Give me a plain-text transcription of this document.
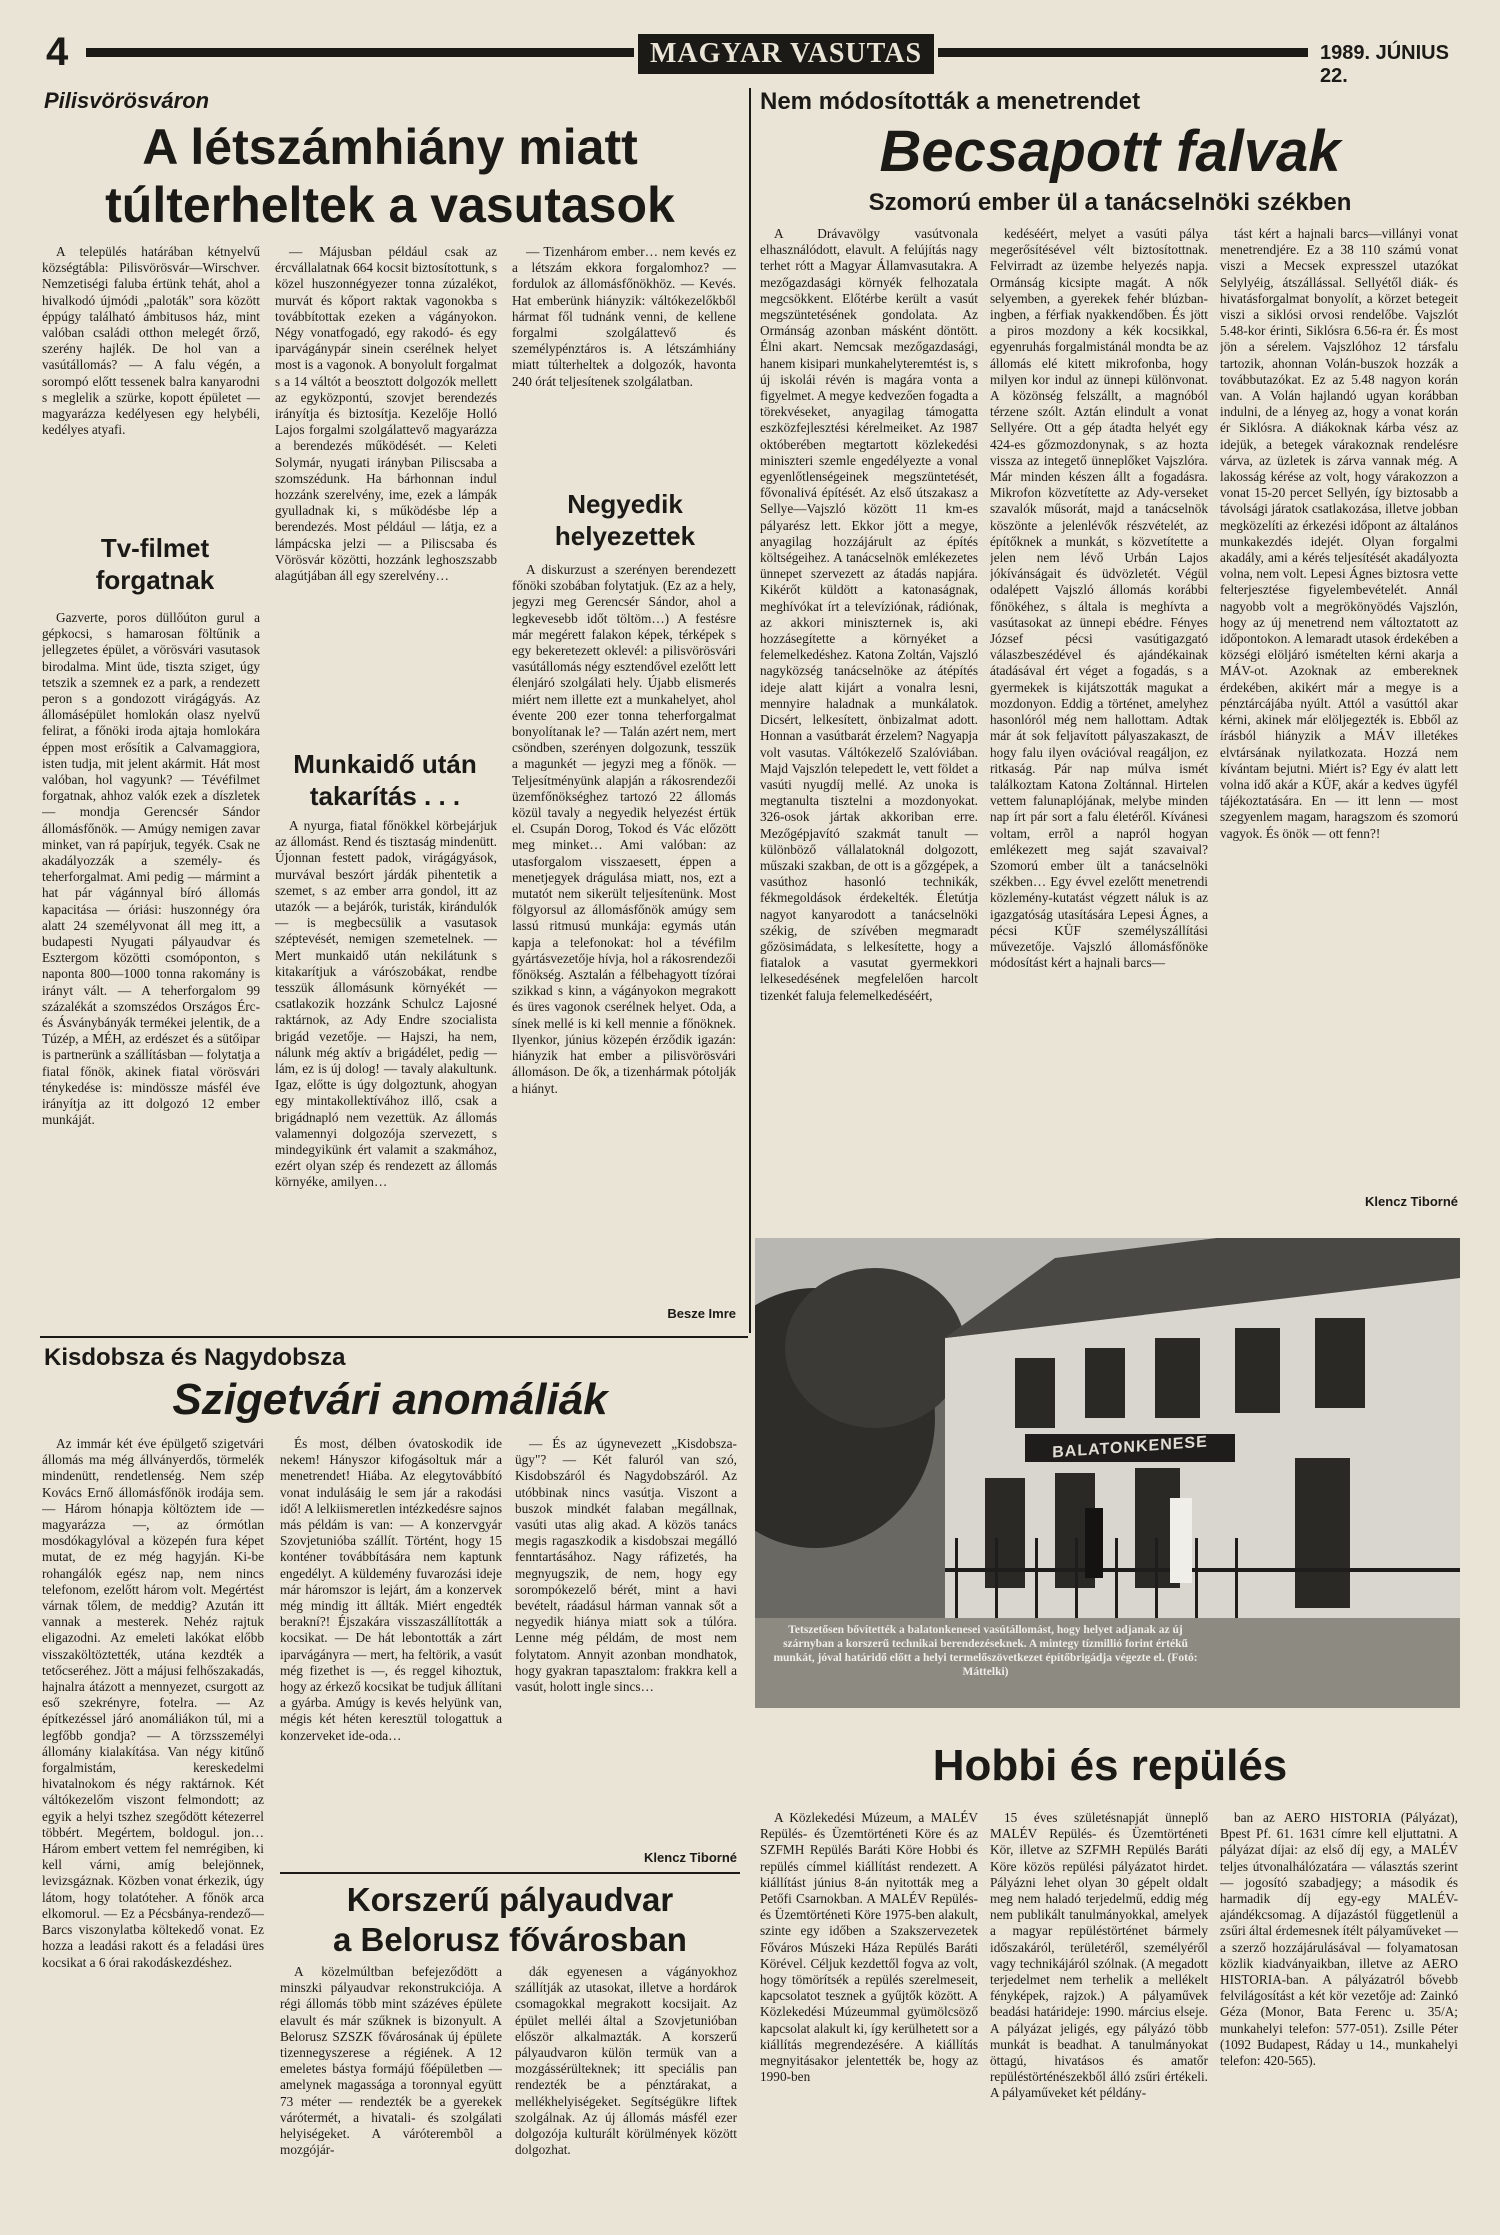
4	MAGYAR VASUTAS	1989. JÚNIUS 22.
Pilisvörösváron
A létszámhiány miatt
túlterheltek a vasutasok

A település határában kétnyelvű községtábla: Pilisvörösvár—Wirschver. Nemzetiségi faluba értünk tehát, ahol a hivalkodó újmódi „paloták" sora között éppúgy található ámbitusos ház, mint valóban családi otthon melegét őrző, szerény hajlék. De hol van a vasútállomás? — A falu végén, a sorompó előtt tessenek balra kanyarodni s meglelik a szürke, kopott épületet — magyarázza kedélyesen egy helybéli, kedélyes atyafi.

Tv-filmet forgatnak

Gazverte, poros düllőúton gurul a gépkocsi, s hamarosan föltűnik a jellegzetes épület, a vörösvári vasutasok birodalma. Mint üde, tiszta sziget, úgy tetszik a szemnek ez a park, a rendezett peron s a gondozott virágágyás. Az állomásépület homlokán olasz nyelvű felirat, a főnöki iroda ajtaja homlokára éppen most erősítik a Calvamaggiora, isten tudja, mit jelent akármit. Hát most valóban, hol vagyunk? — Tévéfilmet forgatnak, ahhoz valók ezek a díszletek — mondja Gerencsér Sándor állomásfőnök. — Amúgy nemigen zavar minket, van rá papírjuk, tegyék. Csak ne akadályozzák a személy- és teherforgalmat. Ami pedig — mármint a hat pár vágánnyal bíró állomás kapacitása — óriási: huszonnégy óra alatt 24 személyvonat áll meg itt, a budapesti Nyugati pályaudvar és Esztergom közötti csomóponton, s naponta 800—1000 tonna rakomány is irányt vált. — A teherforgalom 99 százalékát a szomszédos Országos Érc- és Ásványbányák termékei jelentik, de a Túzép, a MÉH, az erdészet és a sütőipar is partnerünk a szállításban — folytatja a fiatal főnök, akinek fiatal vörösvári ténykedése is: mindössze másfél éve irányítja az itt dolgozó 12 ember munkáját.

— Májusban például csak az ércvállalatnak 664 kocsit biztosítottunk, s közel huszonnégyezer tonna zúzalékot, murvát és kőport raktak vagonokba s továbbítottak ezeken a vágányokon. Négy vonatfogadó, egy rakodó- és egy iparvágánypár sinein cserélnek helyet most is a vagonok. A bonyolult forgalmat s a 14 váltót a beosztott dolgozók mellett az egyközpontú, szovjet berendezés irányítja és biztosítja. Kezelője Holló Lajos forgalmi szolgálattevő magyarázza a berendezés működését. — Keleti Solymár, nyugati irányban Piliscsaba a szomszédunk. Ha bárhonnan indul hozzánk szerelvény, ime, ezek a lámpák gyulladnak ki, s működésbe lép a berendezés. Most például — látja, ez a lámpácska jelzi — a Piliscsaba és Vörösvár közötti, hozzánk leghoszszabb alagútjában áll egy szerelvény…

Munkaidő után takarítás . . .

A nyurga, fiatal főnökkel körbejárjuk az állomást. Rend és tisztaság mindenütt. Újonnan festett padok, virágágyások, murvával beszórt járdák pihentetik a szemet, s az ember arra gondol, itt az utazók — a bejárók, turisták, kirándulók — is megbecsülik a vasutasok széptevését, nemigen szemetelnek. — Mert munkaidő után nekilátunk s kitakarítjuk a várószobákat, rendbe tesszük állomásunk környékét — csatlakozik hozzánk Schulcz Lajosné raktárnok, az Ady Endre szocialista brigád vezetője. — Hajszi, ha nem, nálunk még aktív a brigádélet, pedig — lám, ez is új dolog! — tavaly alakultunk. Igaz, előtte is úgy dolgoztunk, ahogyan egy mintakollektívához illő, csak a brigádnapló nem vezettük. Az állomás valamennyi dolgozója szervezett, s mindegyikünk ért valamit a szakmához, ezért olyan szép és rendezett az állomás környéke, amilyen…

— Tizenhárom ember… nem kevés ez a létszám ekkora forgalomhoz? — fordulok az állomásfőnökhöz. — Kevés. Hat emberünk hiányzik: váltókezelőkből hármat fől tudnánk venni, de kellene forgalmi szolgálattevő és személypénztáros is. A létszámhiány miatt túlterheltek a dolgozók, havonta 240 órát teljesítenek szolgálatban.

Negyedik helyezettek

A diskurzust a szerényen berendezett főnöki szobában folytatjuk. (Ez az a hely, jegyzi meg Gerencsér Sándor, ahol a legkevesebb időt töltöm…) A festésre már megérett falakon képek, térképek s egy bekeretezett oklevél: a pilisvörösvári vasútállomás négy esztendővel ezelőtt lett élenjáró szolgálati hely. Újabb elismerés miért nem illette ezt a munkahelyet, ahol évente 200 ezer tonna teherforgalmat bonyolítanak le? — Talán azért nem, mert csöndben, szerényen dolgozunk, tesszük a magunkét — jegyzi meg a főnök. — Teljesítményünk alapján a rákosrendezői üzemfőnökséghez tartozó 22 állomás közül tavaly a negyedik helyezést értük el. Csupán Dorog, Tokod és Vác előzött meg minket… Ami valóban: az utasforgalom visszaesett, éppen a menetjegyek drágulása miatt, nos, ezt a mutatót nem sikerült teljesítenünk. Most fölgyorsul az állomásfőnök amúgy sem lassú ritmusú munkája: egymás után kapja a telefonokat: hol a tévéfilm gyártásvezetője hívja, hol a rákosrendezői főnökség. Asztalán a félbehagyott tízórai szikkad s kinn, a vágányokon megrakott és üres vagonok cserélnek helyet. Oda, a sínek mellé is ki kell mennie a főnöknek. Ilyenkor, június közepén érződik igazán: hiányzik hat ember a pilisvörösvári állomáson. De ők, a tizenhármak pótolják a hiányt.

Besze Imre
Nem módosították a menetrendet
Becsapott falvak
Szomorú ember ül a tanácselnöki székben

A Drávavölgy vasútvonala elhasználódott, elavult. A felújítás nagy terhet rótt a Magyar Államvasutakra. A mezőgazdasági környék felhozatala megcsökkent. Előtérbe került a vasút megszüntetésének gondolata. Az Ormánság azonban másként döntött. Élni akart. Nemcsak mezőgazdasági, hanem kisipari munkahelyteremtést is, s új iskolái révén is magára vonta a figyelmet. A megye kedvezően fogadta a törekvéseket, anyagilag támogatta eszközfejlesztési kérelmeiket. Az 1987 októberében megtartott közlekedési miniszteri szemle engedélyezte a vonal egyenlőtlenségeinek megszüntetését, fővonalivá építését. Az első útszakasz a Sellye—Vajszló között 11 km-es pályarész lett. Ekkor jött a megye, anyagilag hozzájárult az építés költségeihez. A tanácselnök emlékezetes ünnepet szervezett az átadás napjára. Kikérőt küldött a katonaságnak, meghívókat írt a televíziónak, rádiónak, az akkori miniszternek is, aki hozzásegítette a környéket a felemelkedéshez. Katona Zoltán, Vajszló nagyközség tanácselnöke az átépítés ideje alatt kijárt a vonalra lesni, mennyire haladnak a munkálatok. Dicsért, lelkesített, önbizalmat adott. Honnan a vasútbarát érzelem? Nagyapja volt vasutas. Váltókezelő Szalóviában. Majd Vajszlón telepedett le, vett földet a vasúti nyugdíj mellé. Az unoka is megtanulta tisztelni a mozdonyokat. 326-osok jártak akkoriban erre. Mezőgépjavító szakmát tanult — különböző vállalatoknál dolgozott, műszaki szakban, de ott is a gőzgépek, a vasúthoz hasonló technikák, fékmegoldások érdekelték. Életútja nagyot kanyarodott a tanácselnöki székig, de szívében megmaradt gőzösimádata, s lelkesítette, hogy a fiatalok a vasutat gyermekkori lelkesedésének megfelelően harcolt tizenkét faluja felemelkedéséért,

kedéséért, melyet a vasúti pálya megerősítésével vélt biztosítottnak. Felvirradt az üzembe helyezés napja. Ormánság kicsipte magát. A nők selyemben, a gyerekek fehér blúzban-ingben, a férfiak nyakkendőben. És jött a piros mozdony a kék kocsikkal, egyenruhás forgalmistánál mondta be az állomás elé kitett mikrofonba, hogy milyen kor indul az ünnepi különvonat. A közönség felszállt, a magnóból térzene szólt. Aztán elindult a vonat Sellyére. Ott a gép átadta helyét egy 424-es gőzmozdonynak, s az hozta vissza az integető ünneplőket Vajszlóra. Már minden készen állt a fogadásra. Mikrofon közvetítette az Ady-verseket szavalók műsorát, majd a tanácselnök köszönte a jelenlévők részvételét, az építőknek a munkát, s közvetítette a jelen nem lévő Urbán Lajos jókívánságait és üdvözletét. Végül odalépett Vajszló állomás korábbi főnökéhez, s általa is meghívta a vasútasokat az ünnepi ebédre. Fényes József pécsi vasútigazgató válaszbeszédével és ajándékainak átadásával ért véget a fogadás, s a gyermekek is kijátszották magukat a mozdonyon. Eddig a történet, amelyhez hasonlóról még nem hallottam. Adtak már át sok feljavított pályaszakaszt, de hogy falu ilyen ovációval reagáljon, ez ritkaság. Pár nap múlva ismét találkoztam Katona Zoltánnal. Hirtelen vettem falunaplójának, melybe minden nap írt pár sort a falu életéről. Kívánesi voltam, errõl a napról hogyan emlékezett meg saját szavaival? Szomorú ember ült a tanácselnöki székben… Egy évvel ezelőtt menetrendi közlemény-kutatást végzett náluk is az igazgatóság utasítására Lepesi Ágnes, a pécsi KÜF személyszállítási művezetője. Vajszló állomásfőnöke módosítást kért a hajnali barcs—

tást kért a hajnali barcs—villányi vonat menetrendjére. Ez a 38 110 számú vonat viszi a Mecsek expresszel utazókat Selylyéig, átszállással. Sellyétől diák- és hivatásforgalmat bonyolít, a körzet betegeit viszi a siklósi orvosi rendelőbe. Vajszlót 5.48-kor érinti, Siklósra 6.56-ra ér. És most jön a sérelem. Vajszlóhoz 12 társfalu tartozik, ahonnan Volán-buszok hozzák a továbbutazókat. Ez az 5.48 nagyon korán van. A Volán hajlandó ugyan korábban indulni, de a lényeg az, hogy a vonat korán ér Siklósra. A diákoknak kárba vész az idejük, a betegek várakoznak rendelésre várva, az üzletek is zárva vannak még. A lakosság kérése az volt, hogy várakozzon a vonat 15-20 percet Sellyén, így biztosabb a távolsági járatok csatlakozása, illetve jobban megközelíti az érkezési időpont az általános munkakezdés idejét. Olyan forgalmi akadály, ami a kérés teljesítését akadályozta volna, nem volt. Lepesi Ágnes biztosra vette felterjesztése figyelembevételét. Annál nagyobb volt a megrökönyödés Vajszlón, hogy az új menetrend nem változtatott az időpontokon. A lemaradt utasok érdekében a községi elöljáró ismételten kérni akarja a MÁV-ot. Azoknak az embereknek érdekében, akikért már a megye is a pénztárcájába nyúlt. Attól a vasúttól akar kérni, akinek már elöljegezték is. Ebből az írásból hiányzik a MÁV illetékes elvtársának nyilatkozata. Hozzá nem kívántam bejutni. Miért is? Egy év alatt lett volna idő akár a KÜF, akár a kedves ügyfél tájékoztatására. En — itt lenn — most szegyenlem magam, haragszom és szomorú vagyok. És önök — ott fenn?!

Klencz Tiborné
BALATONKENESE
Tetszetősen bővítették a balatonkenesei vasútállomást, hogy helyet adjanak az új szárnyban a korszerű technikai berendezéseknek. A mintegy tízmillió forint értékű munkát, jóval határidő előtt a helyi termelőszövetkezet építőbrigádja végezte el. (Fotó: Máttelki)
Kisdobsza és Nagydobsza
Szigetvári anomáliák

Az immár két éve épülgető szigetvári állomás ma még állványerdős, törmelék mindenütt, rendetlenség. Nem szép Kovács Ernő állomásfőnök irodája sem. — Három hónapja költöztem ide — magyarázza —, az órmótlan mosdókagylóval a közepén fura képet mutat, de ez még hagyján. Ki-be rohangálók egész nap, nem nincs telefonom, ezelőtt három volt. Megértést várnak tőlem, de meddig? Azután itt vannak a mesterek. Nehéz rajtuk eligazodni. Az emeleti lakókat előbb visszaköltöztették, utána kezdték a tetőcseréhez. Jött a májusi felhőszakadás, hajnalra átázott a mennyezet, csurgott az eső szekrényre, fotelra. — Az építkezéssel járó anomáliákon túl, mi a legfőbb gondja? — A törzsszemélyi állomány kialakítása. Van négy kitűnő forgalmistám, kereskedelmi hivatalnokom és négy raktárnok. Két váltókezelőm viszont felmondott; az egyik a helyi tszhez szegődött kétezerrel többért. Megértem, boldogul. jon… Három embert vettem fel nemrégiben, ki kell várni, amíg belejönnek, levizsgáznak. Közben vonat érkezik, úgy látom, hogy tolatóteher. A főnök arca elkomorul. — Ez a Pécsbánya-rendező—Barcs viszonylatba költekedő vonat. Ez hozza a leadási rakott és a feladási üres kocsikat a 6 órai rakodáskezdéshez.

És most, délben óvatoskodik ide nekem! Hányszor kifogásoltuk már a menetrendet! Hiába. Az elegytovábbító vonat indulásáig le sem jár a rakodási idő! A lelkiismeretlen intézkedésre sajnos más példám is van: — A konzervgyár Szovjetunióba szállít. Történt, hogy 15 konténer továbbítására nem kaptunk engedélyt. A küldemény fuvarozási ideje már háromszor is lejárt, ám a konzervek még mindig itt állták. Miért engedték berakní?! Éjszakára visszaszállították a kocsikat. — De hát lebontották a zárt iparvágányra — mert, ha feltörik, a vasút még fizethet is —, és reggel kihoztuk, hogy az érkező kocsikat be tudjuk állítani a gyárba. Amúgy is kevés helyünk van, mégis két héten keresztül tologattuk a konzerveket ide-oda…

— És az úgynevezett „Kisdobsza-ügy"? — Két faluról van szó, Kisdobszáról és Nagydobszáról. Az utóbbinak nincs vasútja. Viszont a buszok mindkét falaban megállnak, vasúti utas alig akad. A közös tanács megis ragaszkodik a kisdobszai megálló fenntartásához. Nagy ráfizetés, ha megnyugszik, de nem, hogy egy sorompókezelő bérét, mint a havi bevételt, ráadásul hárman vannak sőt a negyedik hiánya miatt sok a túlóra. Lenne még példám, de most nem folytatom. Annyit azonban mondhatok, hogy gyakran tapasztalom: frakkra kell a vasút, holott ingle sincs…

Klencz Tiborné
Korszerű pályaudvar
a Belorusz fővárosban

A közelmúltban befejeződött a minszki pályaudvar rekonstrukciója. A régi állomás több mint százéves épülete elavult és már szűknek is bizonyult. A Belorusz SZSZK fővárosának új épülete tizennegyszerese a régiének. A 12 emeletes bástya formájú főépületben — amelynek magassága a toronnyal együtt 73 méter — rendezték be a gyerekek várótermét, a hivatali- és szolgálati helyiségeket. A váróterembõl a mozgójár-

dák egyenesen a vágányokhoz szállítják az utasokat, illetve a hordárok csomagokkal megrakott kocsijait. Az épület melléi által a Szovjetunióban először alkalmazták. A korszerű pályaudvaron külön termük van a mozgássérülteknek; itt speciális pan rendezték be a pénztárakat, a mellékhelyiségeket. Segítségükre liftek szolgálnak. Az új állomás másfél ezer dolgozója kulturált körülmények között dolgozhat.

Hobbi és repülés

A Közlekedési Múzeum, a MALÉV Repülés- és Üzemtörténeti Köre és az SZFMH Repülés Baráti Köre Hobbi és repülés címmel kiállítást rendezett. A kiállítást június 8-án nyitották meg a Petőfi Csarnokban. A MALÉV Repülés- és Üzemtörténeti Köre 1975-ben alakult, szinte egy időben a Szakszervezetek Főváros Múszeki Háza Repülés Baráti Körével. Céljuk kezdettől fogva az volt, hogy tömörítsék a repülés szerelmeseit, kapcsolatot tesznek a gyűjtők között. A Közlekedési Múzeummal gyümölcsöző kapcsolat alakult ki, így kerülhetett sor a kiállítás megrendezésére. A kiállítás megnyitásakor jelentették be, hogy az 1990-ben

15 éves születésnapját ünneplő MALÉV Repülés- és Üzemtörténeti Kör, illetve az SZFMH Repülés Baráti Köre közös repülési pályázatot hirdet. Pályázni lehet olyan 30 gépelt oldalt meg nem haladó terjedelmű, eddig még nem publikált tanulmányokkal, amelyek a magyar repüléstörténet bármely időszakáról, területéről, személyéről vagy technikájáról szólnak. (A megadott terjedelmet nem terhelik a mellékelt fényképek, rajzok.) A pályaművek beadási határideje: 1990. március elseje. A pályázat jeligés, egy pályázó több munkát is beadhat. A tanulmányokat öttagú, hivatásos és amatőr repüléstörténészekből álló zsűri értékeli. A pályaműveket két példány-

ban az AERO HISTORIA (Pályázat), Bpest Pf. 61. 1631 címre kell eljuttatni. A pályázat díjai: az első díj egy, a MALÉV teljes útvonalhálózatára — választás szerint — jogosító szabadjegy; a második és harmadik díj egy-egy MALÉV-ajándékcsomag. A díjazástól függetlenül a zsűri által érdemesnek ítélt pályaműveket — a szerző hozzájárulásával — folyamatosan közlik kiadványaikban, illetve az AERO HISTORIA-ban. A pályázatról bővebb felvilágosítást a két kör vezetője ad: Zainkó Géza (Monor, Bata Ferenc u. 35/A; munkahelyi telefon: 577-051). Zsille Péter (1092 Budapest, Ráday u 14., munkahelyi telefon: 420-565).
